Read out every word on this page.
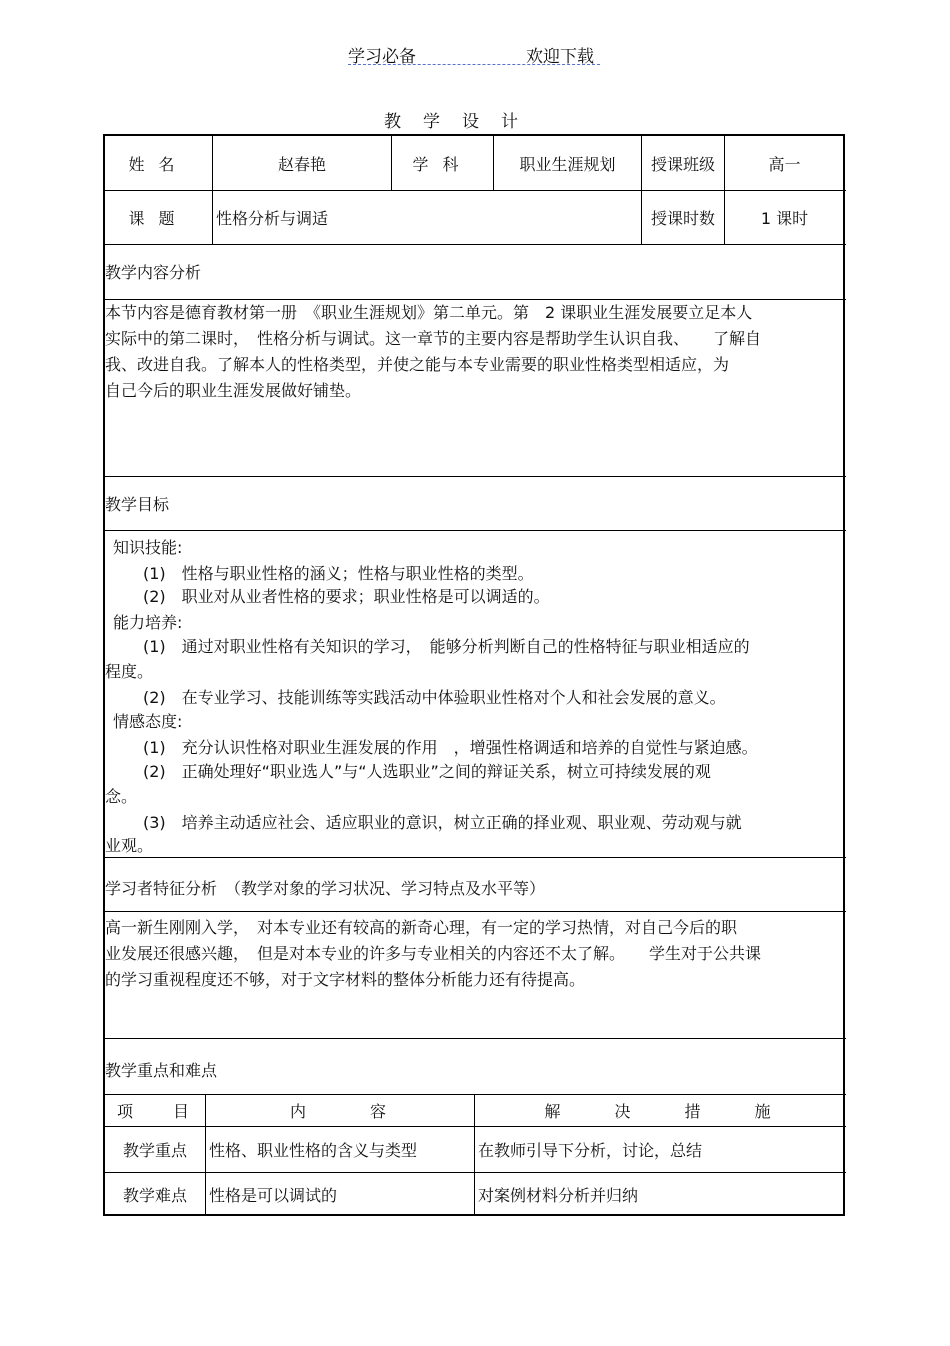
学习必备	欢迎下载
教学设计
姓名	赵春艳	学科	职业生涯规划	授课班级	高一
课题	性格分析与调适	授课时数	1 课时
教学内容分析
本节内容是德育教材第一册　《职业生涯规划》第二单元。第　2 课职业生涯发展要立足本人
实际中的第二课时，　性格分析与调试。这一章节的主要内容是帮助学生认识自我、　　了解自
我、改进自我。了解本人的性格类型，并使之能与本专业需要的职业性格类型相适应，为
自己今后的职业生涯发展做好铺垫。
教学目标
知识技能:
(1)　性格与职业性格的涵义；性格与职业性格的类型。
(2)　职业对从业者性格的要求；职业性格是可以调适的。
能力培养:
(1)　通过对职业性格有关知识的学习，　能够分析判断自己的性格特征与职业相适应的
程度。
(2)　在专业学习、技能训练等实践活动中体验职业性格对个人和社会发展的意义。
情感态度:
(1)　充分认识性格对职业生涯发展的作用　，增强性格调适和培养的自觉性与紧迫感。
(2)　正确处理好“职业选人”与“人选职业”之间的辩证关系，树立可持续发展的观
念。
(3)　培养主动适应社会、适应职业的意识，树立正确的择业观、职业观、劳动观与就
业观。
学习者特征分析　（教学对象的学习状况、学习特点及水平等）
高一新生刚刚入学，　对本专业还有较高的新奇心理，有一定的学习热情，对自己今后的职
业发展还很感兴趣，　但是对本专业的许多与专业相关的内容还不太了解。　　学生对于公共课
的学习重视程度还不够，对于文字材料的整体分析能力还有待提高。
教学重点和难点
项目	内容	解决措施
教学重点	性格、职业性格的含义与类型	在教师引导下分析，讨论，总结
教学难点	性格是可以调试的	对案例材料分析并归纳
